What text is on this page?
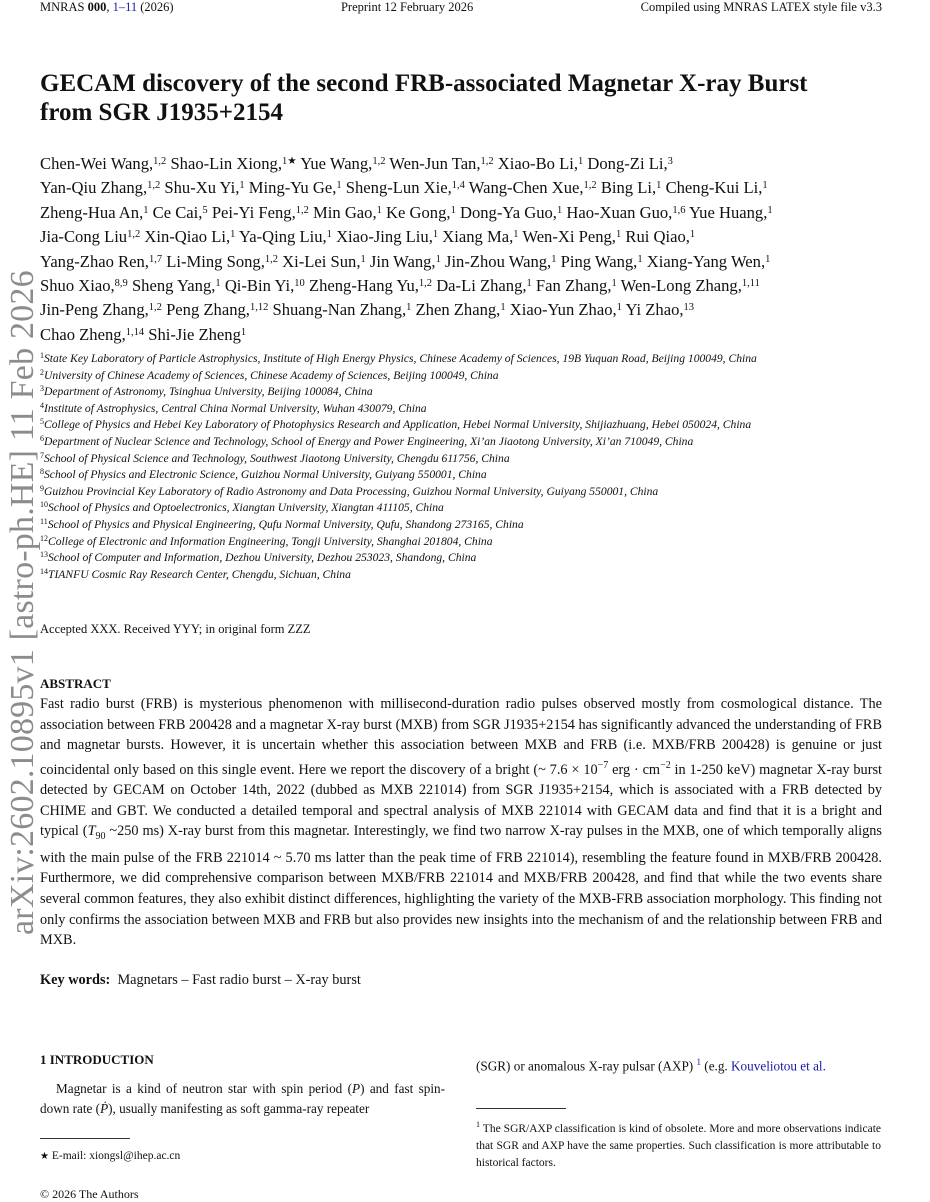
MNRAS 000, 1–11 (2026)	Preprint 12 February 2026	Compiled using MNRAS LATEX style file v3.3
arXiv:2602.10895v1 [astro-ph.HE] 11 Feb 2026
GECAM discovery of the second FRB-associated Magnetar X-ray Burst
from SGR J1935+2154
Chen-Wei Wang,$^{1,2}$ Shao-Lin Xiong,$^{1★}$ Yue Wang,$^{1,2}$ Wen-Jun Tan,$^{1,2}$ Xiao-Bo Li,$^1$ Dong-Zi Li,$^3$
Yan-Qiu Zhang,$^{1,2}$ Shu-Xu Yi,$^1$ Ming-Yu Ge,$^1$ Sheng-Lun Xie,$^{1,4}$ Wang-Chen Xue,$^{1,2}$ Bing Li,$^1$ Cheng-Kui Li,$^1$
Zheng-Hua An,$^1$ Ce Cai,$^5$ Pei-Yi Feng,$^{1,2}$ Min Gao,$^1$ Ke Gong,$^1$ Dong-Ya Guo,$^1$ Hao-Xuan Guo,$^{1,6}$ Yue Huang,$^1$
Jia-Cong Liu$^{1,2}$ Xin-Qiao Li,$^1$ Ya-Qing Liu,$^1$ Xiao-Jing Liu,$^1$ Xiang Ma,$^1$ Wen-Xi Peng,$^1$ Rui Qiao,$^1$
Yang-Zhao Ren,$^{1,7}$ Li-Ming Song,$^{1,2}$ Xi-Lei Sun,$^1$ Jin Wang,$^1$ Jin-Zhou Wang,$^1$ Ping Wang,$^1$ Xiang-Yang Wen,$^1$
Shuo Xiao,$^{8,9}$ Sheng Yang,$^1$ Qi-Bin Yi,$^{10}$ Zheng-Hang Yu,$^{1,2}$ Da-Li Zhang,$^1$ Fan Zhang,$^1$ Wen-Long Zhang,$^{1,11}$
Jin-Peng Zhang,$^{1,2}$ Peng Zhang,$^{1,12}$ Shuang-Nan Zhang,$^1$ Zhen Zhang,$^1$ Xiao-Yun Zhao,$^1$ Yi Zhao,$^{13}$
Chao Zheng,$^{1,14}$ Shi-Jie Zheng$^1$
$^1$State Key Laboratory of Particle Astrophysics, Institute of High Energy Physics, Chinese Academy of Sciences, 19B Yuquan Road, Beijing 100049, China
$^2$University of Chinese Academy of Sciences, Chinese Academy of Sciences, Beijing 100049, China
$^3$Department of Astronomy, Tsinghua University, Beijing 100084, China
$^4$Institute of Astrophysics, Central China Normal University, Wuhan 430079, China
$^5$College of Physics and Hebei Key Laboratory of Photophysics Research and Application, Hebei Normal University, Shijiazhuang, Hebei 050024, China
$^6$Department of Nuclear Science and Technology, School of Energy and Power Engineering, Xi’an Jiaotong University, Xi’an 710049, China
$^7$School of Physical Science and Technology, Southwest Jiaotong University, Chengdu 611756, China
$^8$School of Physics and Electronic Science, Guizhou Normal University, Guiyang 550001, China
$^9$Guizhou Provincial Key Laboratory of Radio Astronomy and Data Processing, Guizhou Normal University, Guiyang 550001, China
$^{10}$School of Physics and Optoelectronics, Xiangtan University, Xiangtan 411105, China
$^{11}$School of Physics and Physical Engineering, Qufu Normal University, Qufu, Shandong 273165, China
$^{12}$College of Electronic and Information Engineering, Tongji University, Shanghai 201804, China
$^{13}$School of Computer and Information, Dezhou University, Dezhou 253023, Shandong, China
$^{14}$TIANFU Cosmic Ray Research Center, Chengdu, Sichuan, China
Accepted XXX. Received YYY; in original form ZZZ
ABSTRACT
Fast radio burst (FRB) is mysterious phenomenon with millisecond-duration radio pulses observed mostly from cosmological distance. The association between FRB 200428 and a magnetar X-ray burst (MXB) from SGR J1935+2154 has significantly advanced the understanding of FRB and magnetar bursts. However, it is uncertain whether this association between MXB and FRB (i.e. MXB/FRB 200428) is genuine or just coincidental only based on this single event. Here we report the discovery of a bright (~ $7.6 \times 10^{-7}$ erg · $cm^{-2}$ in 1-250 keV) magnetar X-ray burst detected by GECAM on October 14th, 2022 (dubbed as MXB 221014) from SGR J1935+2154, which is associated with a FRB detected by CHIME and GBT. We conducted a detailed temporal and spectral analysis of MXB 221014 with GECAM data and find that it is a bright and typical ($T_{90}$ ~250 ms) X-ray burst from this magnetar. Interestingly, we find two narrow X-ray pulses in the MXB, one of which temporally aligns with the main pulse of the FRB 221014 ~ 5.70 ms latter than the peak time of FRB 221014), resembling the feature found in MXB/FRB 200428. Furthermore, we did comprehensive comparison between MXB/FRB 221014 and MXB/FRB 200428, and find that while the two events share several common features, they also exhibit distinct differences, highlighting the variety of the MXB-FRB association morphology. This finding not only confirms the association between MXB and FRB but also provides new insights into the mechanism of and the relationship between FRB and MXB.
Key words: Magnetars – Fast radio burst – X-ray burst
1 INTRODUCTION
Magnetar is a kind of neutron star with spin period (P) and fast spin-down rate (Ṗ), usually manifesting as soft gamma-ray repeater
★ E-mail: xiongsl@ihep.ac.cn
(SGR) or anomalous X-ray pulsar (AXP) $^1$ (e.g. Kouveliotou et al.
$^1$ The SGR/AXP classification is kind of obsolete. More and more observations indicate that SGR and AXP have the same properties. Such classification is more attributable to historical factors.
© 2026 The Authors
